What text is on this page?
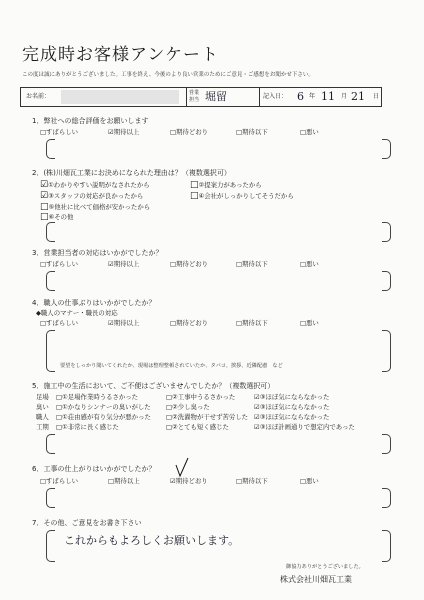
完成時お客様アンケート
この度は誠にありがとうございました。工事を終え、今後のより良い営業のためにご意見・ご感想をお聞かせ下さい。
お名前：	営業
担当 堀留	記入日： 6 年 11 月 21 日
1．弊社への総合評価をお願いします
□すばらしい	☑期待以上	□期待どおり	□期待以下	□悪い
2．(株)川畑瓦工業にお決めになられた理由は？（複数選択可）
☑①わかりやすい説明がなされたから	□②提案力があったから
☑③スタッフの対応が良かったから	□④会社がしっかりしてそうだから
□⑤他社に比べて価格が安かったから
□⑥その他
3．営業担当者の対応はいかがでしたか？
□すばらしい	☑期待以上	□期待どおり	□期待以下	□悪い
4．職人の仕事ぶりはいかがでしたか？
◆職人のマナー・職長の対応
□すばらしい	☑期待以上	□期待どおり	□期待以下	□悪い
要望をしっかり聞いてくれたか、現場は整理整頓されていたか、タバコ、挨拶、近隣配慮　など
5．施工中の生活において、ご不便はございませんでしたか？（複数選択可）
足場 □①足場作業時うるさかった	□②工事中うるさかった	☑③ほぼ気にならなかった
臭い □①かなりシンナーの臭いがした □②少し臭った	☑③ほぼ気にならなかった
職人 □①荘由感が有り気分が悪かった □②洗濯物が干せず苦労した ☑③ほぼ気にならなかった
工期 □①非常に長く感じた	□②とても短く感じた	☑③ほぼ計画通りで想定内であった
6．工事の仕上がりはいかがでしたか？
□すばらしい	□期待以上	☑期待どおり	□期待以下	□悪い
7．その他、ご意見をお書き下さい
これからもよろしくお願いします。
御協力ありがとうございました。
株式会社川畑瓦工業
